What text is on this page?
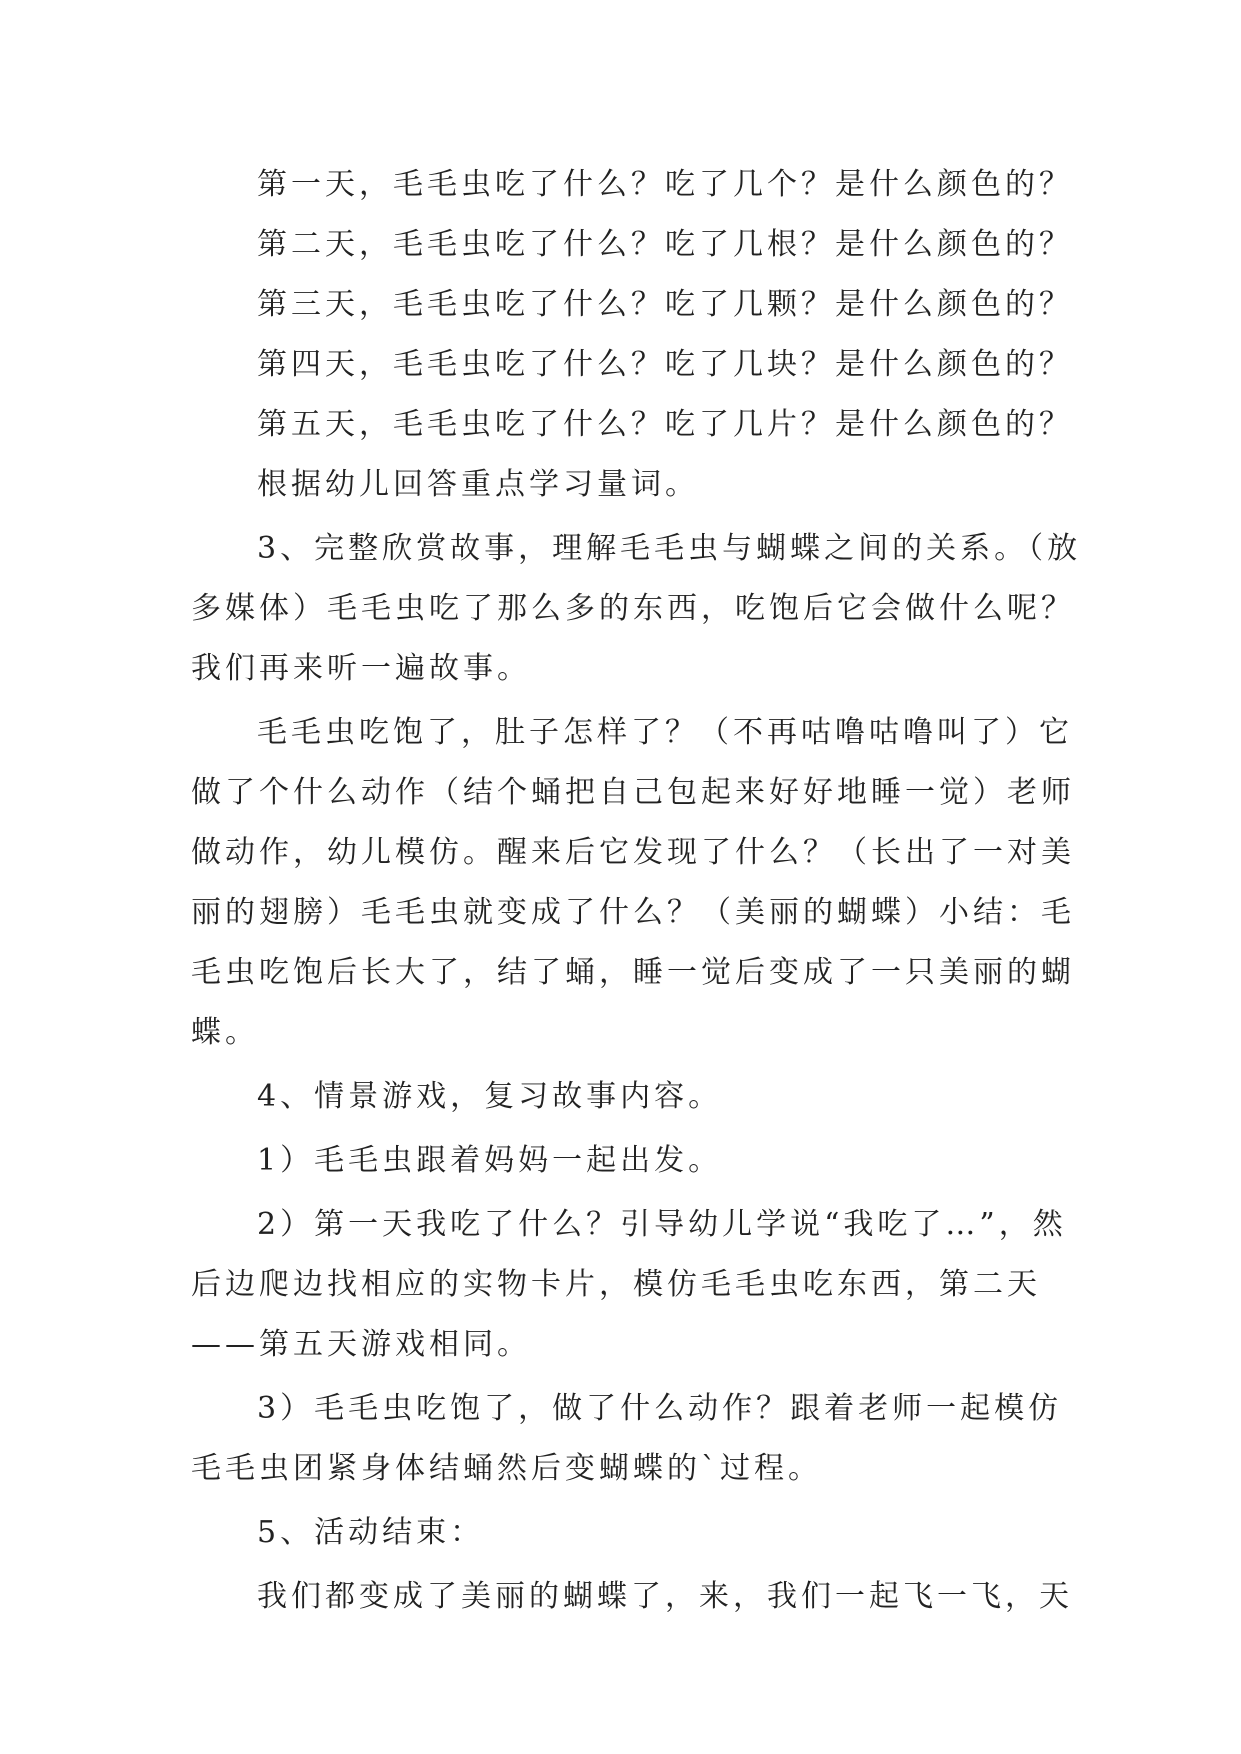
第一天，毛毛虫吃了什么？吃了几个？是什么颜色的？
第二天，毛毛虫吃了什么？吃了几根？是什么颜色的？
第三天，毛毛虫吃了什么？吃了几颗？是什么颜色的？
第四天，毛毛虫吃了什么？吃了几块？是什么颜色的？
第五天，毛毛虫吃了什么？吃了几片？是什么颜色的？
根据幼儿回答重点学习量词。
3、完整欣赏故事，理解毛毛虫与蝴蝶之间的关系。（放
多媒体）毛毛虫吃了那么多的东西，吃饱后它会做什么呢？
我们再来听一遍故事。
毛毛虫吃饱了，肚子怎样了？（不再咕噜咕噜叫了）它
做了个什么动作（结个蛹把自己包起来好好地睡一觉）老师
做动作，幼儿模仿。醒来后它发现了什么？（长出了一对美
丽的翅膀）毛毛虫就变成了什么？（美丽的蝴蝶）小结：毛
毛虫吃饱后长大了，结了蛹，睡一觉后变成了一只美丽的蝴
蝶。
4、情景游戏，复习故事内容。
1）毛毛虫跟着妈妈一起出发。
2）第一天我吃了什么？引导幼儿学说“我吃了…”，然
后边爬边找相应的实物卡片，模仿毛毛虫吃东西，第二天
——第五天游戏相同。
3）毛毛虫吃饱了，做了什么动作？跟着老师一起模仿
毛毛虫团紧身体结蛹然后变蝴蝶的`过程。
5、活动结束：
我们都变成了美丽的蝴蝶了，来，我们一起飞一飞，天
